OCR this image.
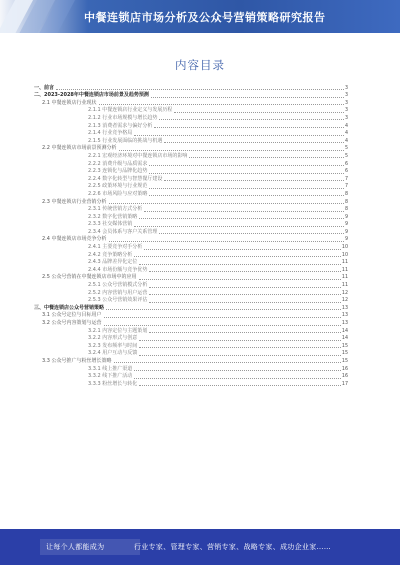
中餐连锁店市场分析及公众号营销策略研究报告
内容目录
一、前言	3
二、2023-2028年中餐连锁店市场前景及趋势预测	3
2.1 中餐连锁店行业现状	3
2.1.1 中餐连锁店行业定义与发展历程	3
2.1.2 行业市场规模与增长趋势	3
2.1.3 消费者需求与偏好分析	4
2.1.4 行业竞争格局	4
2.1.5 行业发展面临的挑战与机遇	4
2.2 中餐连锁店市场前景预测分析	5
2.2.1 宏观经济环境对中餐连锁店市场的影响	5
2.2.2 消费升级与品质需求	6
2.2.3 连锁化与品牌化趋势	6
2.2.4 数字化转型与智慧餐厅建设	7
2.2.5 政策环境与行业规范	7
2.2.6 市场风险与应对策略	8
2.3 中餐连锁店行业营销分析	8
2.3.1 传统营销方式分析	8
2.3.2 数字化营销策略	9
2.3.3 社交媒体营销	9
2.3.4 会员体系与客户关系管理	9
2.4 中餐连锁店市场竞争分析	9
2.4.1 主要竞争对手分析	10
2.4.2 竞争策略分析	10
2.4.3 品牌差异化定位	11
2.4.4 市场份额与竞争优势	11
2.5 公众号营销在中餐连锁店市场中的应用	11
2.5.1 公众号营销模式分析	11
2.5.2 内容营销与用户运营	12
2.5.3 公众号营销效果评估	12
三、中餐连锁店公众号营销策略	13
3.1 公众号定位与目标用户	13
3.2 公众号内容策划与运营	13
3.2.1 内容定位与主题策划	14
3.2.2 内容形式与创意	14
3.2.3 发布频率与时间	15
3.2.4 用户互动与反馈	15
3.3 公众号推广与粉丝增长策略	15
3.3.1 线上推广渠道	16
3.3.2 线下推广活动	16
3.3.3 粉丝增长与转化	17
让每个人都能成为	行业专家、管理专家、营销专家、战略专家、成功企业家……
